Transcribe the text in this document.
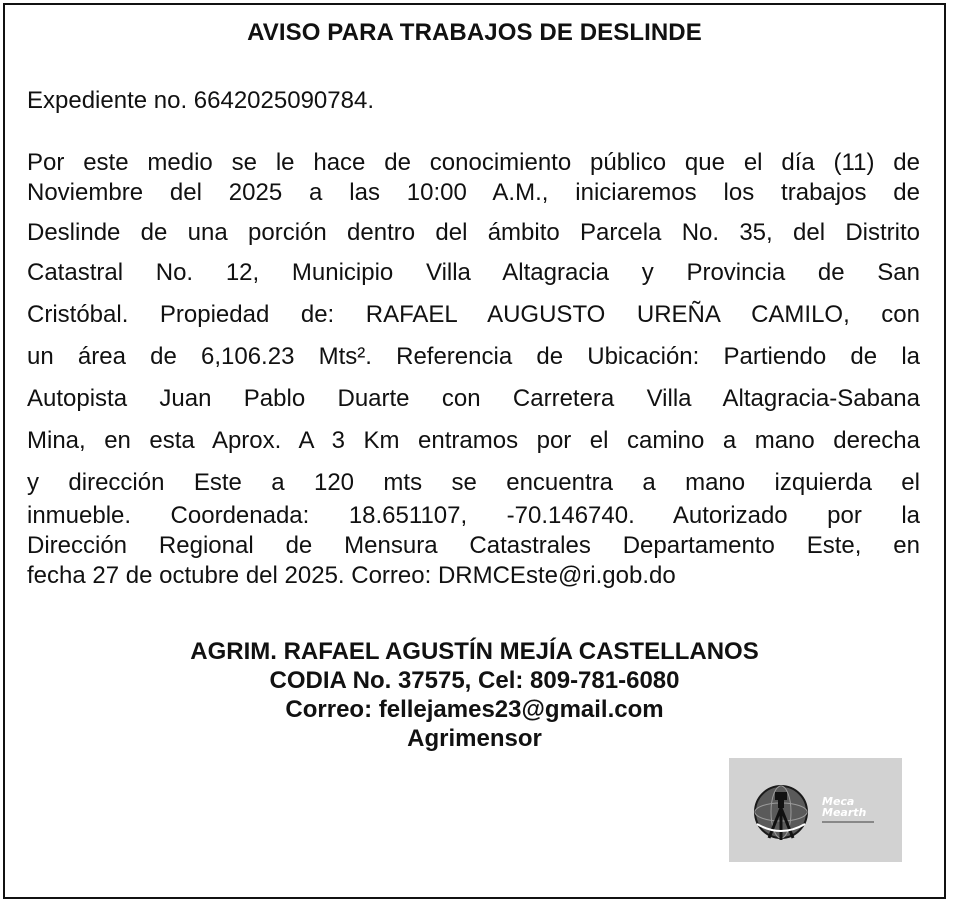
AVISO PARA TRABAJOS DE DESLINDE
Expediente no. 6642025090784.
Por este medio se le hace de conocimiento público que el día (11) de
Noviembre del 2025 a las 10:00 A.M., iniciaremos los trabajos de
Deslinde de una porción dentro del ámbito Parcela No. 35, del Distrito
Catastral No. 12, Municipio Villa Altagracia y Provincia de San
Cristóbal. Propiedad de: RAFAEL AUGUSTO UREÑA CAMILO, con
un área de 6,106.23 Mts². Referencia de Ubicación: Partiendo de la
Autopista Juan Pablo Duarte con Carretera Villa Altagracia-Sabana
Mina, en esta Aprox. A 3 Km entramos por el camino a mano derecha
y dirección Este a 120 mts se encuentra a mano izquierda el
inmueble. Coordenada: 18.651107, -70.146740. Autorizado por la
Dirección Regional de Mensura Catastrales Departamento Este, en
fecha 27 de octubre del 2025. Correo: DRMCEste@ri.gob.do
AGRIM. RAFAEL AGUSTÍN MEJÍA CASTELLANOS
CODIA No. 37575, Cel: 809-781-6080
Correo: fellejames23@gmail.com
Agrimensor
Meca
Mearth
